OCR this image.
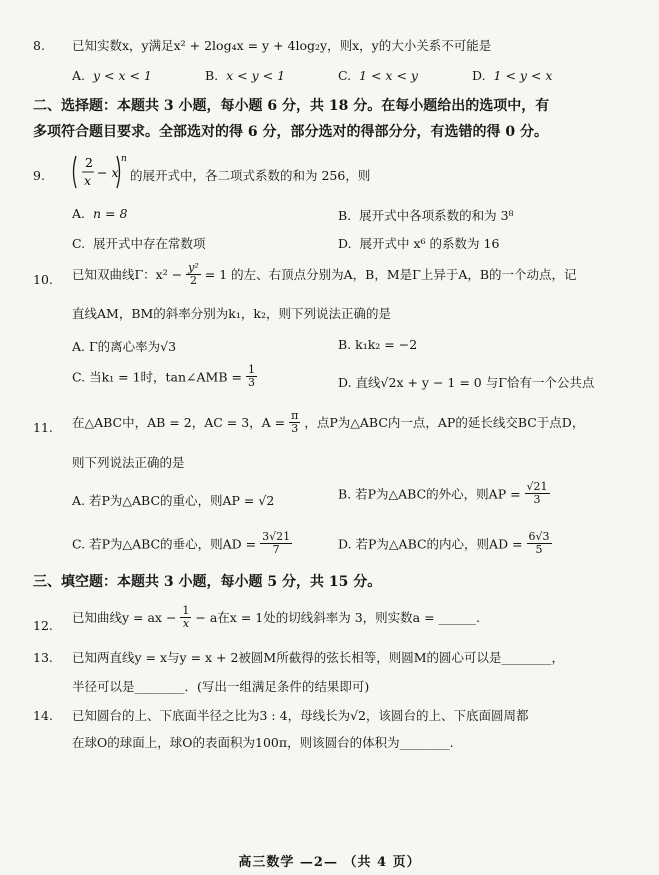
8. 已知实数x，y满足x² + 2log₄x = y + 4log₂y，则x，y的大小关系不可能是
A. y < x < 1	B. x < y < 1	C. 1 < x < y	D. 1 < y < x
二、选择题：本题共 3 小题，每小题 6 分，共 18 分。在每小题给出的选项中，有
多项符合题目要求。全部选对的得 6 分，部分选对的得部分分，有选错的得 0 分。
9.
2
x
− x
n
的展开式中，各二项式系数的和为 256，则
A. n = 8	B. 展开式中各项系数的和为 3⁸
C. 展开式中存在常数项	D. 展开式中 x⁶ 的系数为 16
10. 已知双曲线Γ：$x^2 - \frac{\text{y²}}{2} = 1$ 的左、右顶点分别为A，B，M是Γ上异于A，B的一个动点，记
直线AM，BM的斜率分别为k₁，k₂，则下列说法正确的是
A. Γ的离心率为√3	B. k₁k₂ = −2
C. 当k₁ = 1时，tan∠AMB = $\frac{1}{3}$	D. 直线√2x + y − 1 = 0 与Γ恰有一个公共点
11. 在△ABC中，AB = 2，AC = 3，$A = \frac{\pi}{3}$ ，点P为△ABC内一点，AP的延长线交BC于点D，
则下列说法正确的是
A. 若P为△ABC的重心，则AP = √2	B. 若P为△ABC的外心，则AP = $\frac{√21}{3}$
C. 若P为△ABC的垂心，则AD = $\frac{3√21}{7}$	D. 若P为△ABC的内心，则AD = $\frac{6√3}{5}$
三、填空题：本题共 3 小题，每小题 5 分，共 15 分。
12.
已知曲线y = ax − $\frac{1}{x} - a$在x = 1处的切线斜率为 3，则实数a = ______.
13. 已知两直线y = x与y = x + 2被圆M所截得的弦长相等，则圆M的圆心可以是________，
半径可以是________．(写出一组满足条件的结果即可)
14. 已知圆台的上、下底面半径之比为3 : 4，母线长为√2，该圆台的上、下底面圆周都
在球O的球面上，球O的表面积为100π，则该圆台的体积为________.
高三数学 —2— （共 4 页）
